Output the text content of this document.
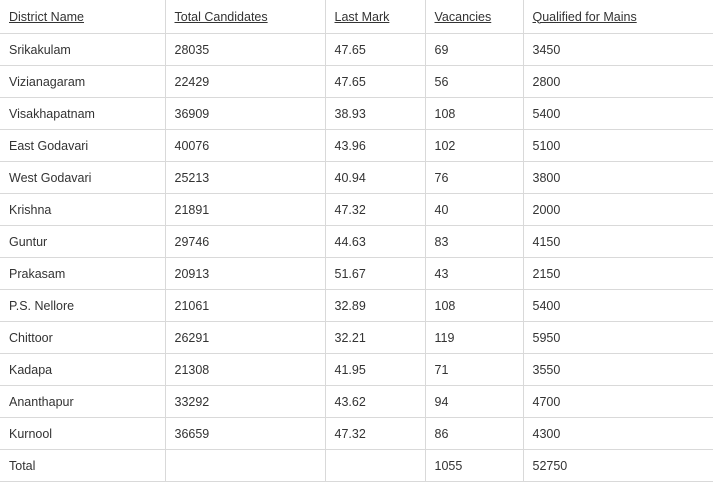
District Name	Total Candidates	Last Mark	Vacancies	Qualified for Mains
Srikakulam	28035	47.65	69	3450
Vizianagaram	22429	47.65	56	2800
Visakhapatnam	36909	38.93	108	5400
East Godavari	40076	43.96	102	5100
West Godavari	25213	40.94	76	3800
Krishna	21891	47.32	40	2000
Guntur	29746	44.63	83	4150
Prakasam	20913	51.67	43	2150
P.S. Nellore	21061	32.89	108	5400
Chittoor	26291	32.21	119	5950
Kadapa	21308	41.95	71	3550
Ananthapur	33292	43.62	94	4700
Kurnool	36659	47.32	86	4300
Total			1055	52750
